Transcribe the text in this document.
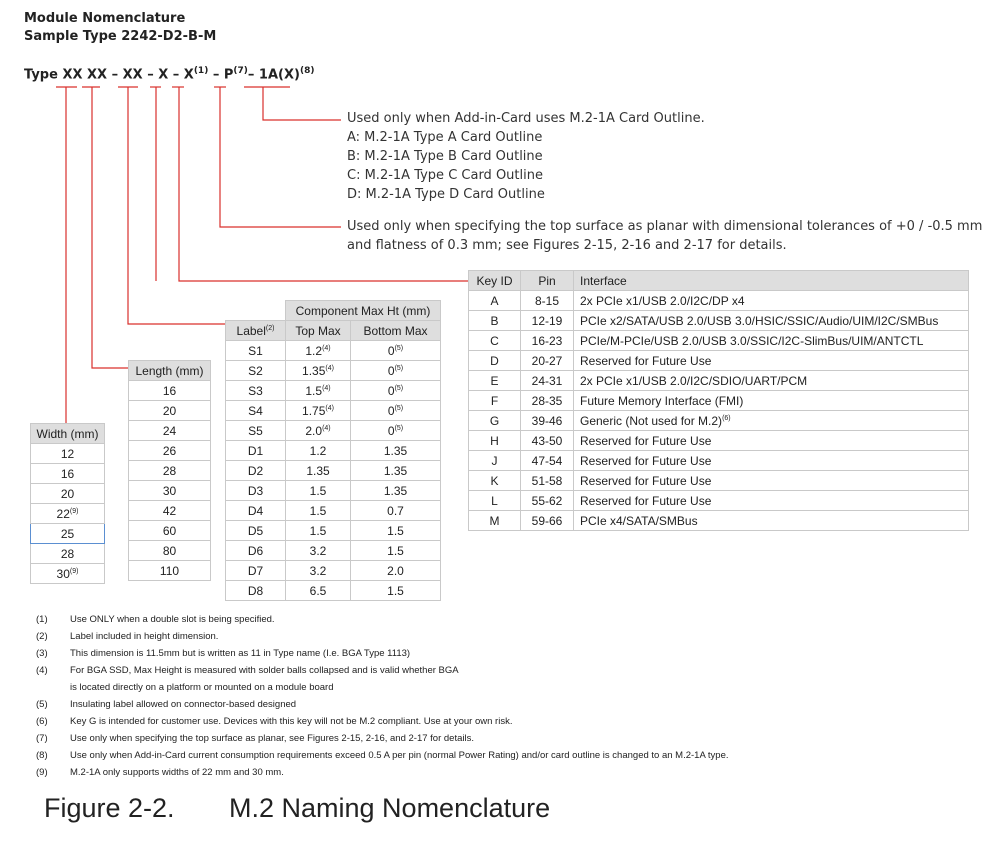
Module Nomenclature
Sample Type 2242-D2-B-M
Type XX XX – XX – X – $X^{(1)} - P^{(7)}-$ $1A(X)^{(8)}$
Used only when Add-in-Card uses M.2-1A Card Outline.
A: M.2-1A Type A Card Outline
B: M.2-1A Type B Card Outline
C: M.2-1A Type C Card Outline
D: M.2-1A Type D Card Outline
Used only when specifying the top surface as planar with dimensional tolerances of +0 / -0.5 mm
and flatness of 0.3 mm; see Figures 2-15, 2-16 and 2-17 for details.
Width (mm)
12
16
20
22$^{(9)}$
25
28
30$^{(9)}$
Length (mm)
16
20
24
26
28
30
42
60
80
110
	Component Max Ht (mm)	
Label$^{(2)}$	Top Max	Bottom Max
S1	1.2$^{(4)}$	0$^{(5)}$
S2	1.35$^{(4)}$	0$^{(5)}$
S3	1.5$^{(4)}$	0$^{(5)}$
S4	1.75$^{(4)}$	0$^{(5)}$
S5	2.0$^{(4)}$	0$^{(5)}$
D1	1.2	1.35
D2	1.35	1.35
D3	1.5	1.35
D4	1.5	0.7
D5	1.5	1.5
D6	3.2	1.5
D7	3.2	2.0
D8	6.5	1.5
Key ID	Pin	Interface
A	8-15	2x PCIe x1/USB 2.0/I2C/DP x4
B	12-19	PCIe x2/SATA/USB 2.0/USB 3.0/HSIC/SSIC/Audio/UIM/I2C/SMBus
C	16-23	PCIe/M-PCIe/USB 2.0/USB 3.0/SSIC/I2C-SlimBus/UIM/ANTCTL
D	20-27	Reserved for Future Use
E	24-31	2x PCIe x1/USB 2.0/I2C/SDIO/UART/PCM
F	28-35	Future Memory Interface (FMI)
G	39-46	Generic (Not used for M.2)$^{(6)}$
H	43-50	Reserved for Future Use
J	47-54	Reserved for Future Use
K	51-58	Reserved for Future Use
L	55-62	Reserved for Future Use
M	59-66	PCIe x4/SATA/SMBus
(1)	Use ONLY when a double slot is being specified.
(2)	Label included in height dimension.
(3)	This dimension is 11.5mm but is written as 11 in Type name (I.e. BGA Type 1113)
(4)	For BGA SSD, Max Height is measured with solder balls collapsed and is valid whether BGA
is located directly on a platform or mounted on a module board
(5)	Insulating label allowed on connector-based designed
(6)	Key G is intended for customer use. Devices with this key will not be M.2 compliant. Use at your own risk.
(7)	Use only when specifying the top surface as planar, see Figures 2-15, 2-16, and 2-17 for details.
(8)	Use only when Add-in-Card current consumption requirements exceed 0.5 A per pin (normal Power Rating) and/or card outline is changed to an M.2-1A type.
(9)	M.2-1A only supports widths of 22 mm and 30 mm.
Figure 2-2. M.2 Naming Nomenclature
